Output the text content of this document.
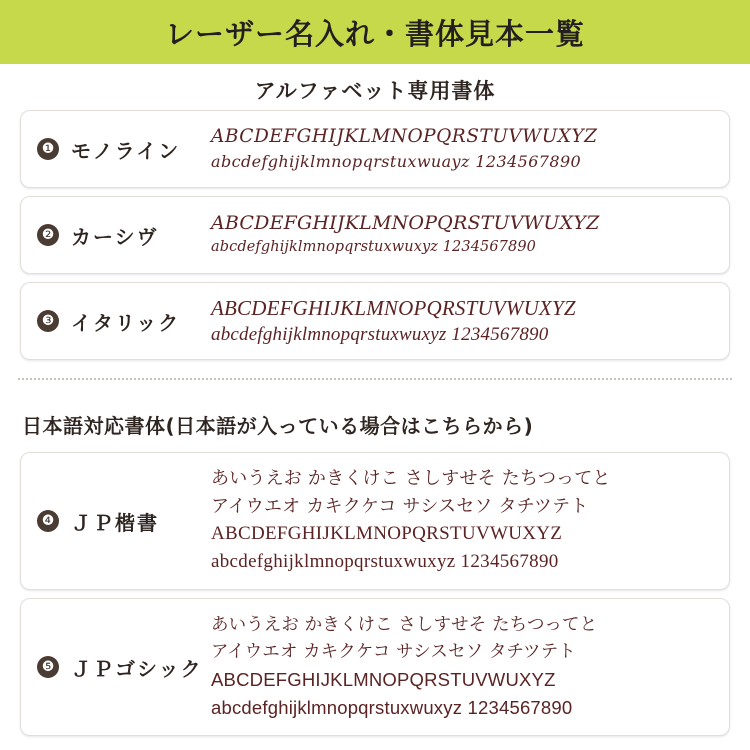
レーザー名入れ・書体見本一覧
アルファベット専用書体
❶ モノライン
ABCDEFGHIJKLMNOPQRSTUVWUXYZ
abcdefghijklmnopqrstuxwuayz 1234567890
❷ カーシヴ
ABCDEFGHIJKLMNOPQRSTUVWUXYZ
abcdefghijklmnopqrstuxwuxyz 1234567890
❸ イタリック
ABCDEFGHIJKLMNOPQRSTUVWUXYZ
abcdefghijklmnopqrstuxwuxyz 1234567890
日本語対応書体(日本語が入っている場合はこちらから)
❹ ＪＰ楷書
あいうえお かきくけこ さしすせそ たちつってと
アイウエオ カキクケコ サシスセソ タチツテト
ABCDEFGHIJKLMNOPQRSTUVWUXYZ
abcdefghijklmnopqrstuxwuxyz 1234567890
❺ ＪＰゴシック
あいうえお かきくけこ さしすせそ たちつってと
アイウエオ カキクケコ サシスセソ タチツテト
ABCDEFGHIJKLMNOPQRSTUVWUXYZ
abcdefghijklmnopqrstuxwuxyz 1234567890
